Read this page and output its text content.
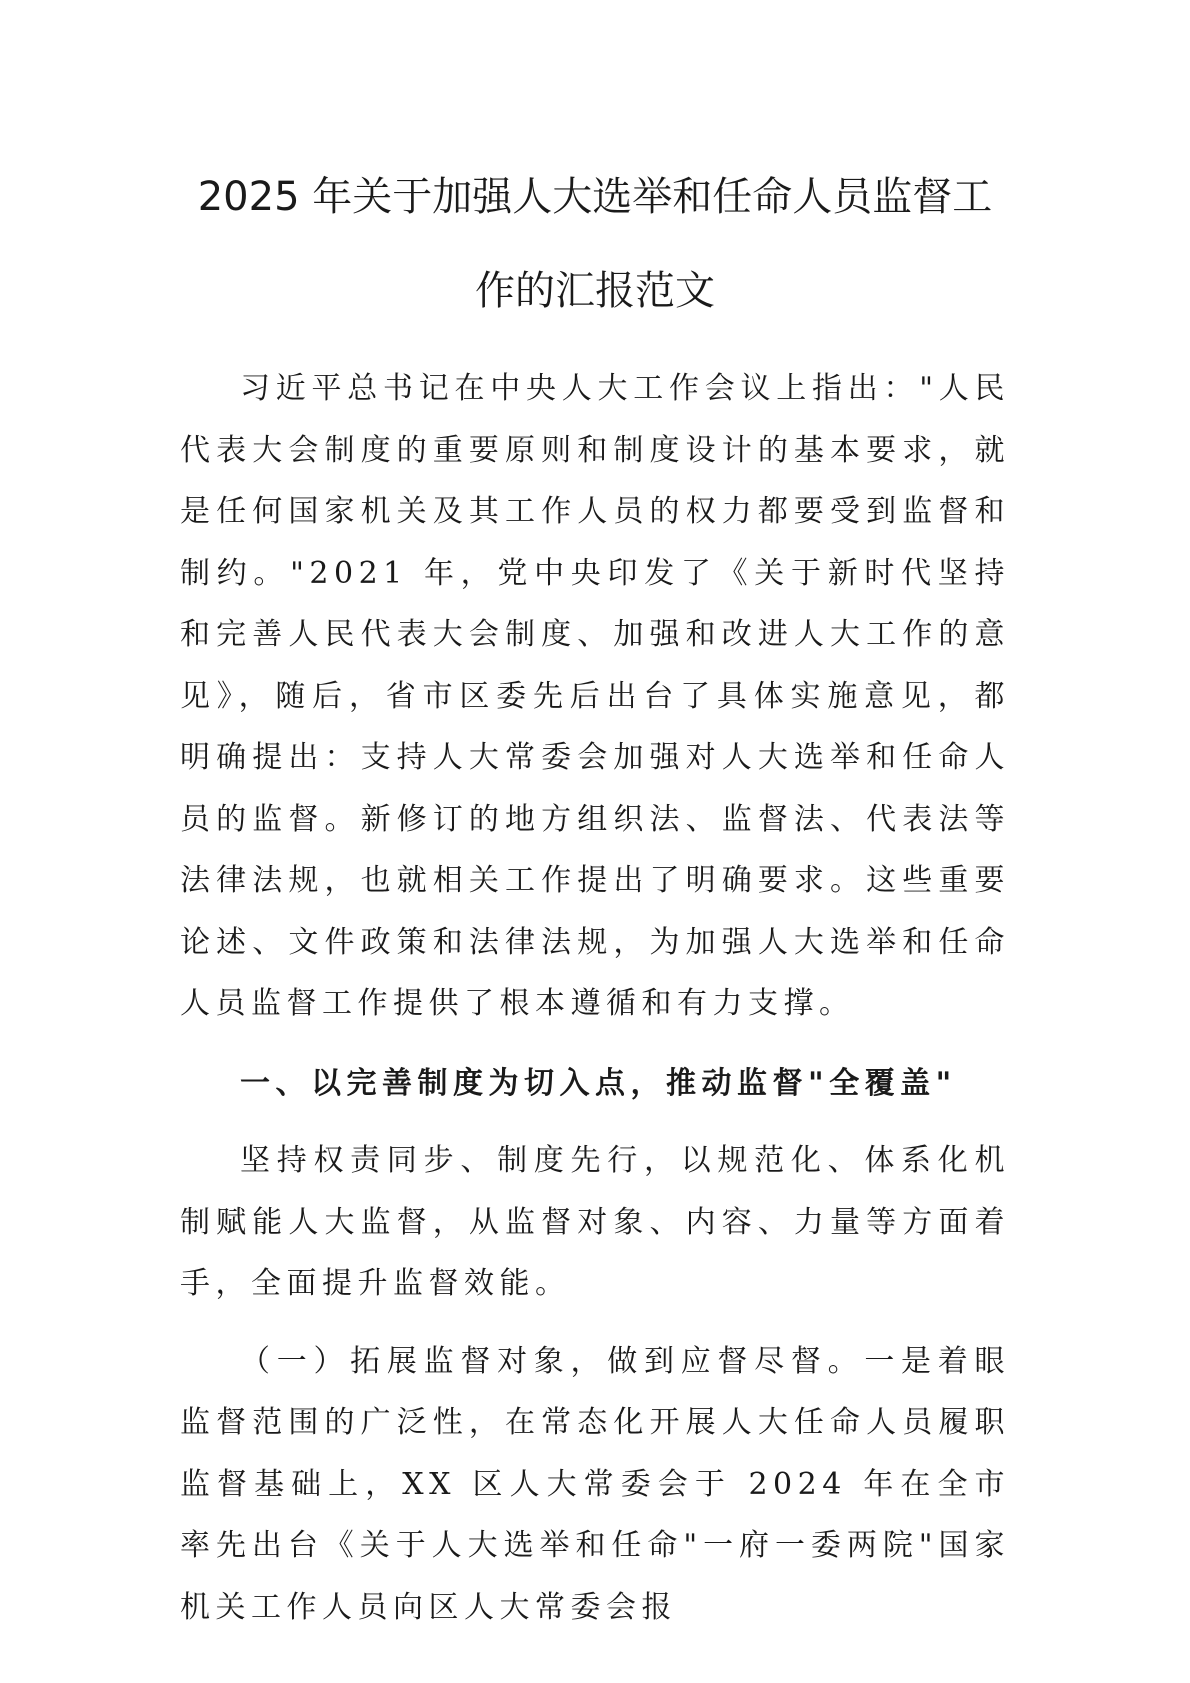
2025 年关于加强人大选举和任命人员监督工
作的汇报范文

习近平总书记在中央人大工作会议上指出："人民代表大会制度的重要原则和制度设计的基本要求，就是任何国家机关及其工作人员的权力都要受到监督和制约。"2021 年，党中央印发了《关于新时代坚持和完善人民代表大会制度、加强和改进人大工作的意见》，随后，省市区委先后出台了具体实施意见，都明确提出：支持人大常委会加强对人大选举和任命人员的监督。新修订的地方组织法、监督法、代表法等法律法规，也就相关工作提出了明确要求。这些重要论述、文件政策和法律法规，为加强人大选举和任命人员监督工作提供了根本遵循和有力支撑。

一、以完善制度为切入点，推动监督"全覆盖"

坚持权责同步、制度先行，以规范化、体系化机制赋能人大监督，从监督对象、内容、力量等方面着手，全面提升监督效能。

（一）拓展监督对象，做到应督尽督。一是着眼监督范围的广泛性，在常态化开展人大任命人员履职监督基础上，XX 区人大常委会于 2024 年在全市率先出台《关于人大选举和任命"一府一委两院"国家机关工作人员向区人大常委会报
